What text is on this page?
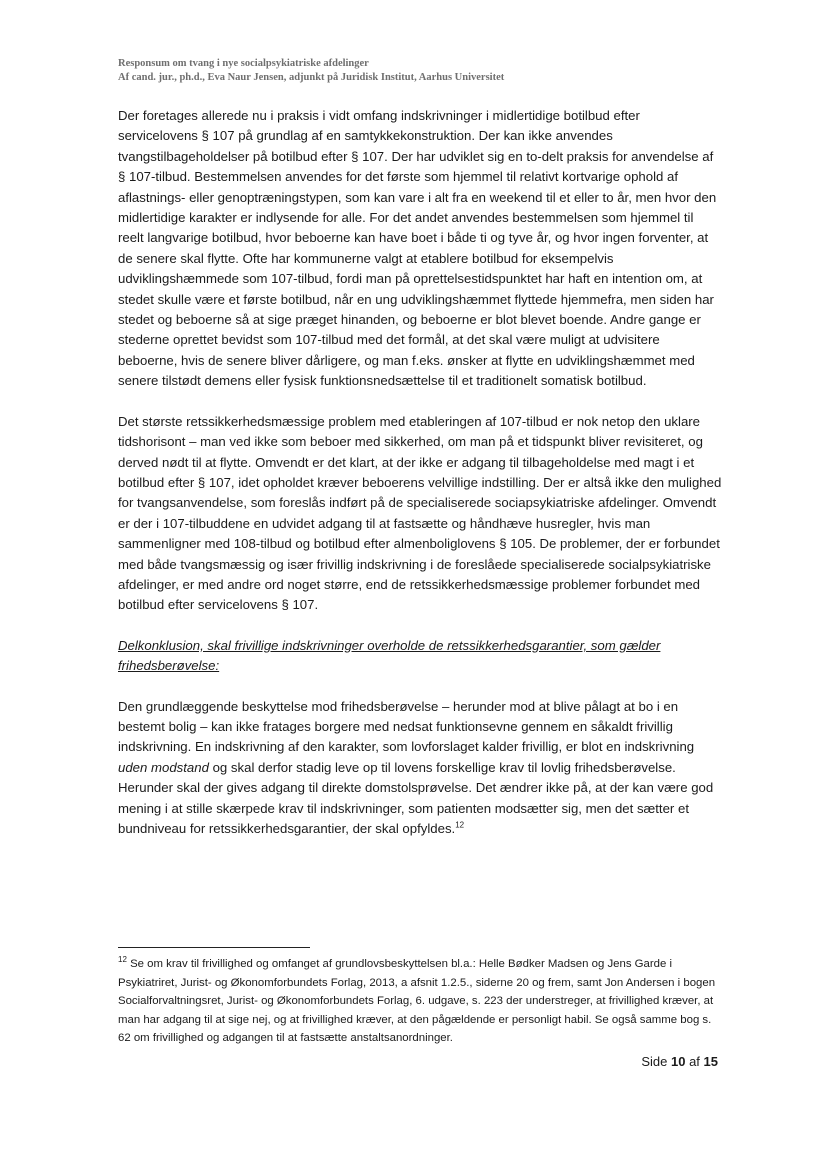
Responsum om tvang i nye socialpsykiatriske afdelinger
Af cand. jur., ph.d., Eva Naur Jensen, adjunkt på Juridisk Institut, Aarhus Universitet

Der foretages allerede nu i praksis i vidt omfang indskrivninger i midlertidige botilbud efter servicelovens § 107 på grundlag af en samtykkekonstruktion. Der kan ikke anvendes tvangstilbageholdelser på botilbud efter § 107. Der har udviklet sig en to-delt praksis for anvendelse af § 107-tilbud. Bestemmelsen anvendes for det første som hjemmel til relativt kortvarige ophold af aflastnings- eller genoptræningstypen, som kan vare i alt fra en weekend til et eller to år, men hvor den midlertidige karakter er indlysende for alle. For det andet anvendes bestemmelsen som hjemmel til reelt langvarige botilbud, hvor beboerne kan have boet i både ti og tyve år, og hvor ingen forventer, at de senere skal flytte. Ofte har kommunerne valgt at etablere botilbud for eksempelvis udviklingshæmmede som 107-tilbud, fordi man på oprettelsestidspunktet har haft en intention om, at stedet skulle være et første botilbud, når en ung udviklingshæmmet flyttede hjemmefra, men siden har stedet og beboerne så at sige præget hinanden, og beboerne er blot blevet boende. Andre gange er stederne oprettet bevidst som 107-tilbud med det formål, at det skal være muligt at udvisitere beboerne, hvis de senere bliver dårligere, og man f.eks. ønsker at flytte en udviklingshæmmet med senere tilstødt demens eller fysisk funktionsnedsættelse til et traditionelt somatisk botilbud.

Det største retssikkerhedsmæssige problem med etableringen af 107-tilbud er nok netop den uklare tidshorisont – man ved ikke som beboer med sikkerhed, om man på et tidspunkt bliver revisiteret, og derved nødt til at flytte. Omvendt er det klart, at der ikke er adgang til tilbageholdelse med magt i et botilbud efter § 107, idet opholdet kræver beboerens velvillige indstilling. Der er altså ikke den mulighed for tvangsanvendelse, som foreslås indført på de specialiserede sociapsykiatriske afdelinger. Omvendt er der i 107-tilbuddene en udvidet adgang til at fastsætte og håndhæve husregler, hvis man sammenligner med 108-tilbud og botilbud efter almenboliglovens § 105. De problemer, der er forbundet med både tvangsmæssig og især frivillig indskrivning i de foreslåede specialiserede socialpsykiatriske afdelinger, er med andre ord noget større, end de retssikkerhedsmæssige problemer forbundet med botilbud efter servicelovens § 107.

Delkonklusion, skal frivillige indskrivninger overholde de retssikkerhedsgarantier, som gælder frihedsberøvelse:

Den grundlæggende beskyttelse mod frihedsberøvelse – herunder mod at blive pålagt at bo i en bestemt bolig – kan ikke fratages borgere med nedsat funktionsevne gennem en såkaldt frivillig indskrivning. En indskrivning af den karakter, som lovforslaget kalder frivillig, er blot en indskrivning uden modstand og skal derfor stadig leve op til lovens forskellige krav til lovlig frihedsberøvelse. Herunder skal der gives adgang til direkte domstolsprøvelse. Det ændrer ikke på, at der kan være god mening i at stille skærpede krav til indskrivninger, som patienten modsætter sig, men det sætter et bundniveau for retssikkerhedsgarantier, der skal opfyldes.$^{12}$

$^{12}$ Se om krav til frivillighed og omfanget af grundlovsbeskyttelsen bl.a.: Helle Bødker Madsen og Jens Garde i Psykiatriret, Jurist- og Økonomforbundets Forlag, 2013, a afsnit 1.2.5., siderne 20 og frem, samt Jon Andersen i bogen Socialforvaltningsret, Jurist- og Økonomforbundets Forlag, 6. udgave, s. 223 der understreger, at frivillighed kræver, at man har adgang til at sige nej, og at frivillighed kræver, at den pågældende er personligt habil. Se også samme bog s. 62 om frivillighed og adgangen til at fastsætte anstaltsanordninger.
Side 10 af 15
